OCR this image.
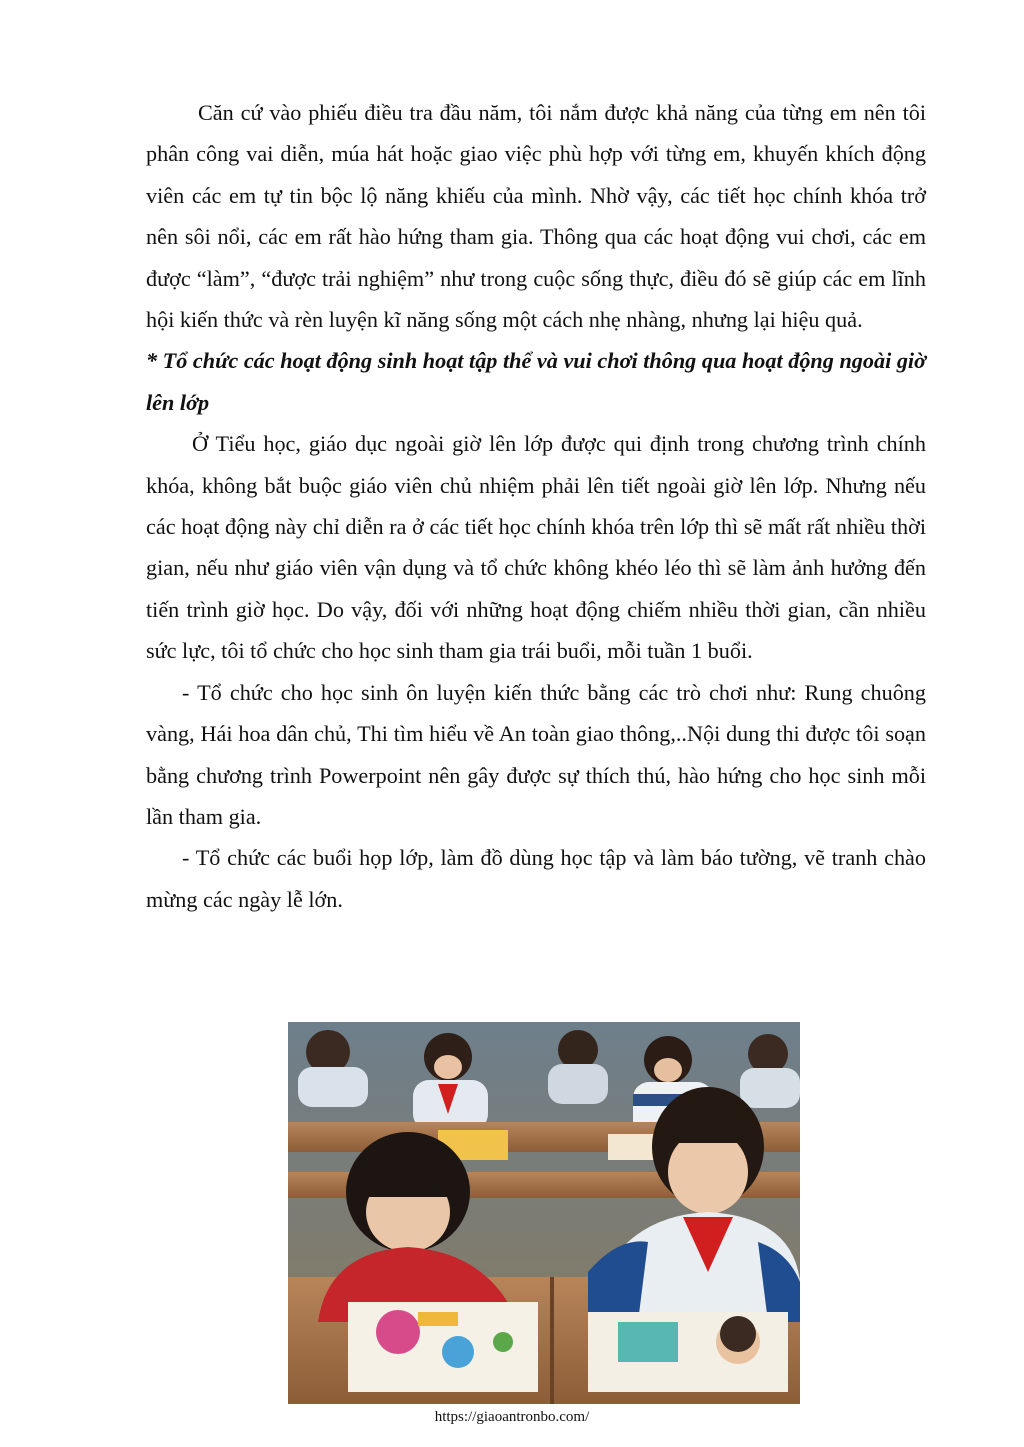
Căn cứ vào phiếu điều tra đầu năm, tôi nắm được khả năng của từng em nên tôi phân công vai diễn, múa hát hoặc giao việc phù hợp với từng em, khuyến khích động viên các em tự tin bộc lộ năng khiếu của mình. Nhờ vậy, các tiết học chính khóa trở nên sôi nổi, các em rất hào hứng tham gia. Thông qua các hoạt động vui chơi, các em được “làm”, “được trải nghiệm” như trong cuộc sống thực, điều đó sẽ giúp các em lĩnh hội kiến thức và rèn luyện kĩ năng sống một cách nhẹ nhàng, nhưng lại hiệu quả.

* Tổ chức các hoạt động sinh hoạt tập thể và vui chơi thông qua hoạt động ngoài giờ lên lớp

Ở Tiểu học, giáo dục ngoài giờ lên lớp được qui định trong chương trình chính khóa, không bắt buộc giáo viên chủ nhiệm phải lên tiết ngoài giờ lên lớp. Nhưng nếu các hoạt động này chỉ diễn ra ở các tiết học chính khóa trên lớp thì sẽ mất rất nhiều thời gian, nếu như giáo viên vận dụng và tổ chức không khéo léo thì sẽ làm ảnh hưởng đến tiến trình giờ học. Do vậy, đối với những hoạt động chiếm nhiều thời gian, cần nhiều sức lực, tôi tổ chức cho học sinh tham gia trái buổi, mỗi tuần 1 buổi.

- Tổ chức cho học sinh ôn luyện kiến thức bằng các trò chơi như: Rung chuông vàng, Hái hoa dân chủ, Thi tìm hiểu về An toàn giao thông,..Nội dung thi được tôi soạn bằng chương trình Powerpoint nên gây được sự thích thú, hào hứng cho học sinh mỗi lần tham gia.

- Tổ chức các buổi họp lớp, làm đồ dùng học tập và làm báo tường, vẽ tranh chào mừng các ngày lễ lớn.

https://giaoantronbo.com/
